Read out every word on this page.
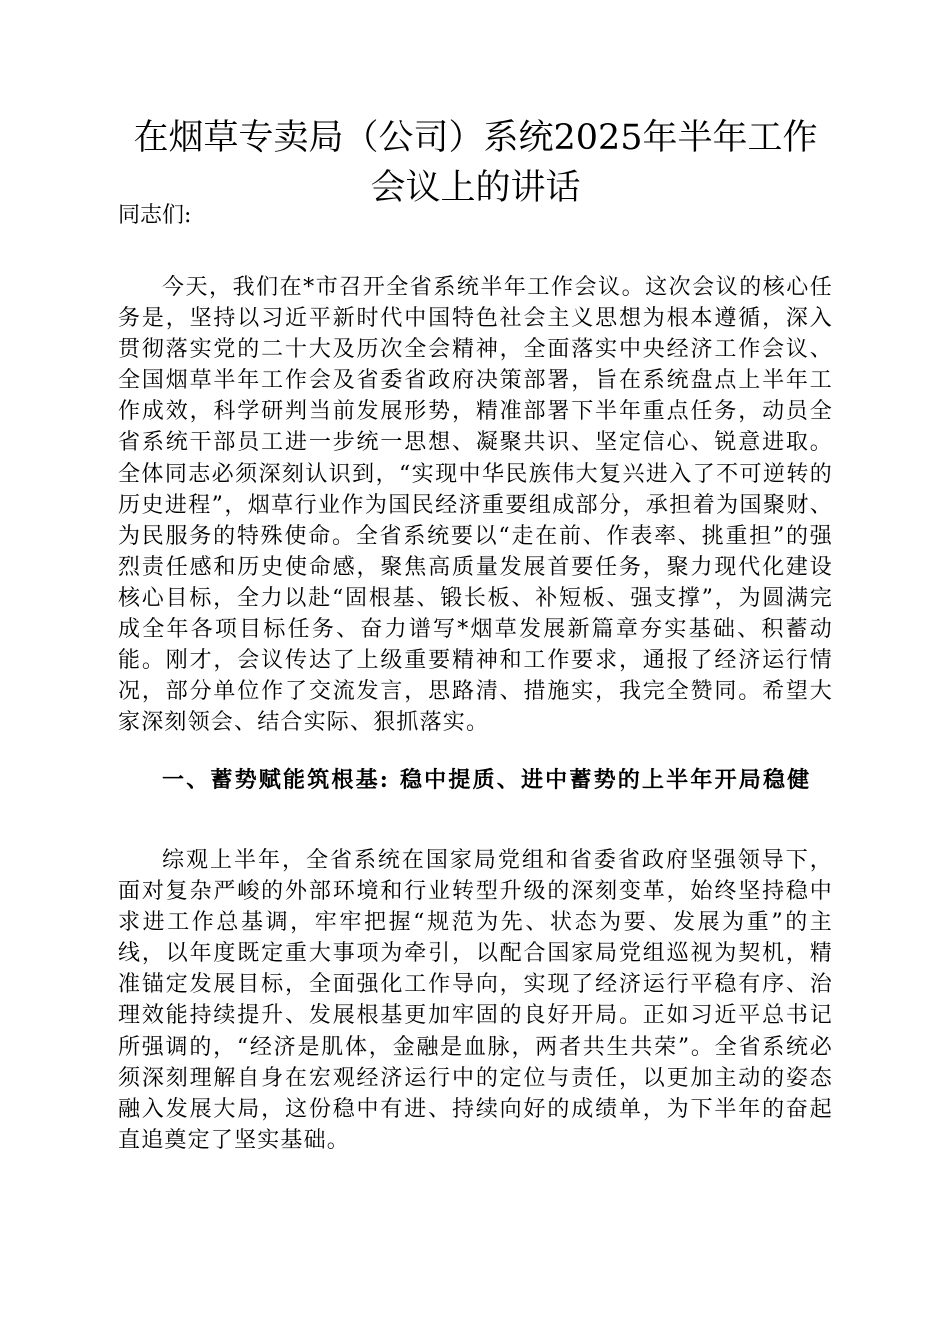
在烟草专卖局（公司）系统2025年半年工作会议上的讲话

同志们:

今天，我们在*市召开全省系统半年工作会议。这次会议的核心任务是，坚持以习近平新时代中国特色社会主义思想为根本遵循，深入贯彻落实党的二十大及历次全会精神，全面落实中央经济工作会议、全国烟草半年工作会及省委省政府决策部署，旨在系统盘点上半年工作成效，科学研判当前发展形势，精准部署下半年重点任务，动员全省系统干部员工进一步统一思想、凝聚共识、坚定信心、锐意进取。全体同志必须深刻认识到，“实现中华民族伟大复兴进入了不可逆转的历史进程”，烟草行业作为国民经济重要组成部分，承担着为国聚财、为民服务的特殊使命。全省系统要以“走在前、作表率、挑重担”的强烈责任感和历史使命感，聚焦高质量发展首要任务，聚力现代化建设核心目标，全力以赴“固根基、锻长板、补短板、强支撑”，为圆满完成全年各项目标任务、奋力谱写*烟草发展新篇章夯实基础、积蓄动能。刚才，会议传达了上级重要精神和工作要求，通报了经济运行情况，部分单位作了交流发言，思路清、措施实，我完全赞同。希望大家深刻领会、结合实际、狠抓落实。

一、蓄势赋能筑根基: 稳中提质、进中蓄势的上半年开局稳健

综观上半年，全省系统在国家局党组和省委省政府坚强领导下，面对复杂严峻的外部环境和行业转型升级的深刻变革，始终坚持稳中求进工作总基调，牢牢把握“规范为先、状态为要、发展为重”的主线，以年度既定重大事项为牵引，以配合国家局党组巡视为契机，精准锚定发展目标，全面强化工作导向，实现了经济运行平稳有序、治理效能持续提升、发展根基更加牢固的良好开局。正如习近平总书记所强调的，“经济是肌体，金融是血脉，两者共生共荣”。全省系统必须深刻理解自身在宏观经济运行中的定位与责任，以更加主动的姿态融入发展大局，这份稳中有进、持续向好的成绩单，为下半年的奋起直追奠定了坚实基础。
